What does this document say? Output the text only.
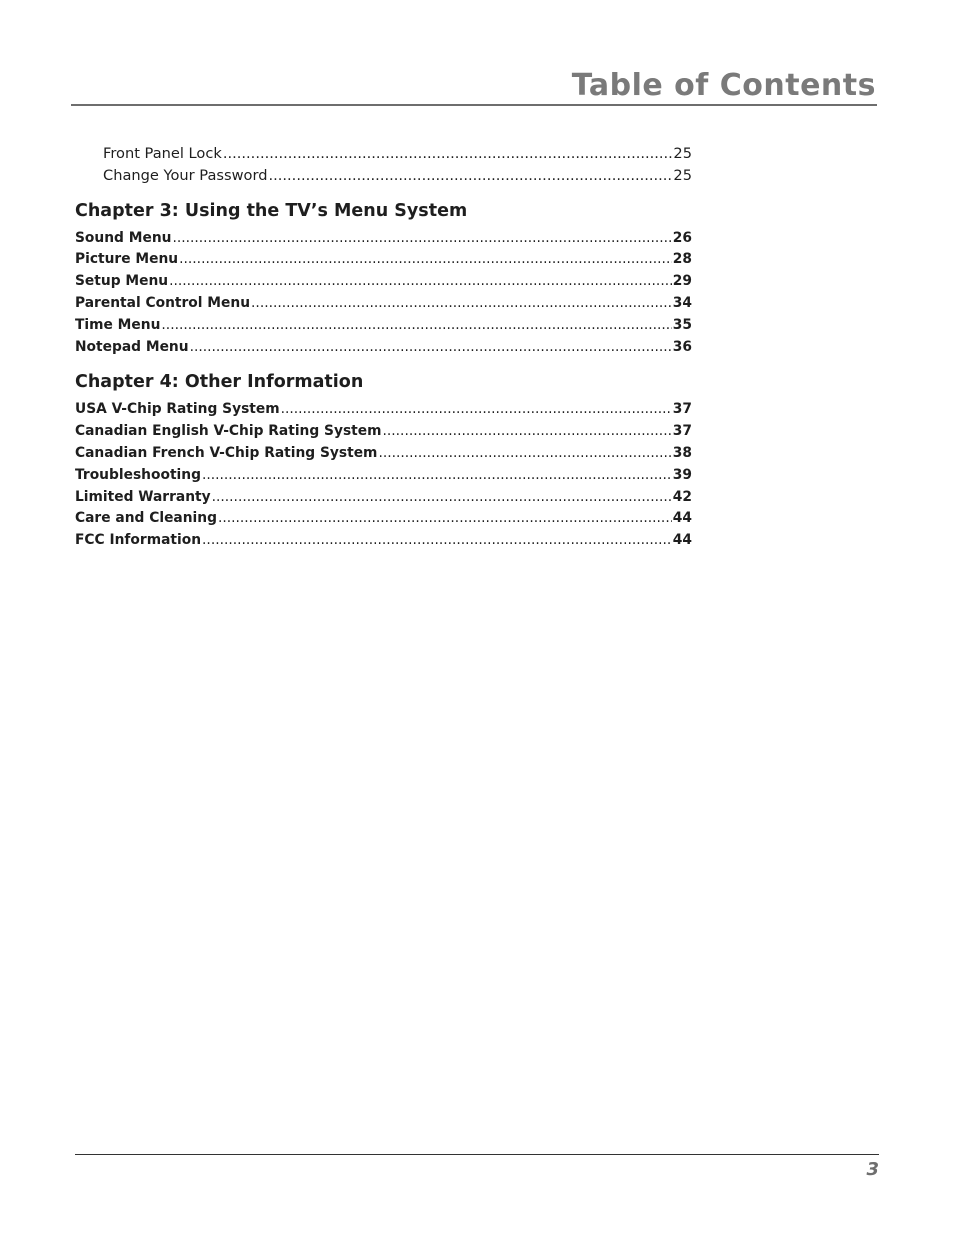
Table of Contents
Front Panel Lock .....	25
Change Your Password .....	25
Chapter 3: Using the TV’s Menu System
Sound Menu .....	26
Picture Menu .....	28
Setup Menu .....	29
Parental Control Menu .....	34
Time Menu .....	35
Notepad Menu .....	36
Chapter 4: Other Information
USA V-Chip Rating System .....	37
Canadian English V-Chip Rating System .....	37
Canadian French V-Chip Rating System .....	38
Troubleshooting .....	39
Limited Warranty .....	42
Care and Cleaning .....	44
FCC Information .....	44
3
